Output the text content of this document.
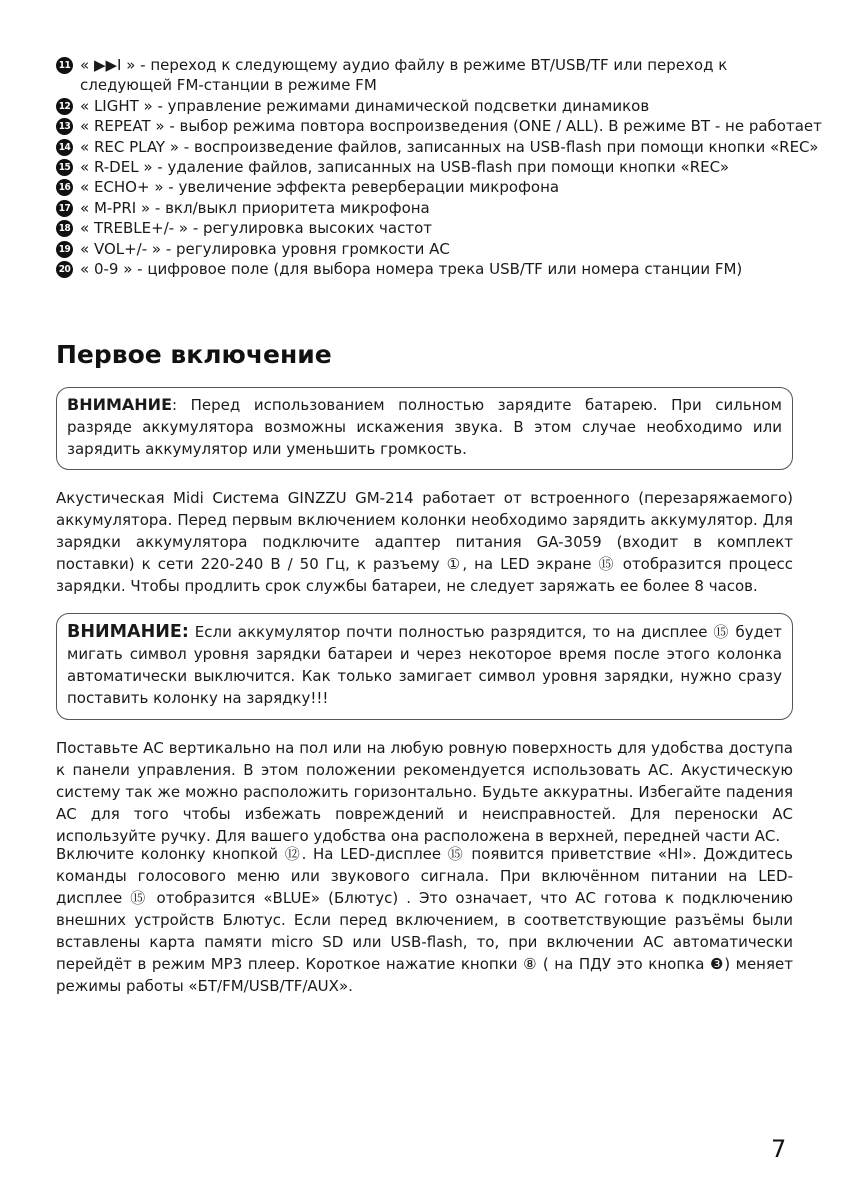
11 « ▶▶I » - переход к следующему аудио файлу в режиме BT/USB/TF или переход к следующей FM-станции в режиме FM
12 « LIGHT » - управление режимами динамической подсветки динамиков
13 « REPEAT » - выбор режима повтора воспроизведения (ONE / ALL). В режиме BT - не работает
14 « REC PLAY » - воспроизведение файлов, записанных на USB-flash при помощи кнопки «REC»
15 « R-DEL » - удаление файлов, записанных на USB-flash при помощи кнопки «REC»
16 « ECHO+ » - увеличение эффекта реверберации микрофона
17 « M-PRI » - вкл/выкл приоритета микрофона
18 « TREBLE+/- » - регулировка высоких частот
19 « VOL+/- » - регулировка уровня громкости АС
20 « 0-9 » - цифровое поле (для выбора номера трека USB/TF или номера станции FM)
Первое включение
ВНИМАНИЕ: Перед использованием полностью зарядите батарею. При сильном разряде аккумулятора возможны искажения звука. В этом случае необходимо или зарядить аккумулятор или уменьшить громкость.

Акустическая Midi Система GINZZU GM-214 работает от встроенного (перезаряжаемого) аккумулятора. Перед первым включением колонки необходимо зарядить аккумулятор. Для зарядки аккумулятора подключите адаптер питания GA-3059 (входит в комплект поставки) к сети 220-240 В / 50 Гц, к разъему ①, на LED экране ⑮ отобразится процесс зарядки. Чтобы продлить срок службы батареи, не следует заряжать ее более 8 часов.

ВНИМАНИЕ: Если аккумулятор почти полностью разрядится, то на дисплее ⑮ будет мигать символ уровня зарядки батареи и через некоторое время после этого колонка автоматически выключится. Как только замигает символ уровня зарядки, нужно сразу поставить колонку на зарядку!!!

Поставьте АС вертикально на пол или на любую ровную поверхность для удобства доступа к панели управления. В этом положении рекомендуется использовать АС. Акустическую систему так же можно расположить горизонтально. Будьте аккуратны. Избегайте падения АС для того чтобы избежать повреждений и неисправностей. Для переноски АС используйте ручку. Для вашего удобства она расположена в верхней, передней части АС.

Включите колонку кнопкой ⑫. На LED-дисплее ⑮ появится приветствие «HI». Дождитесь команды голосового меню или звукового сигнала. При включённом питании на LED-дисплее ⑮ отобразится «BLUE» (Блютус) . Это означает, что АС готова к подключению внешних устройств Блютус. Если перед включением, в соответствующие разъёмы были вставлены карта памяти micro SD или USB-flash, то, при включении АС автоматически перейдёт в режим MP3 плеер. Короткое нажатие кнопки ⑧ ( на ПДУ это кнопка ❸) меняет режимы работы «БТ/FM/USB/TF/AUX».

7
